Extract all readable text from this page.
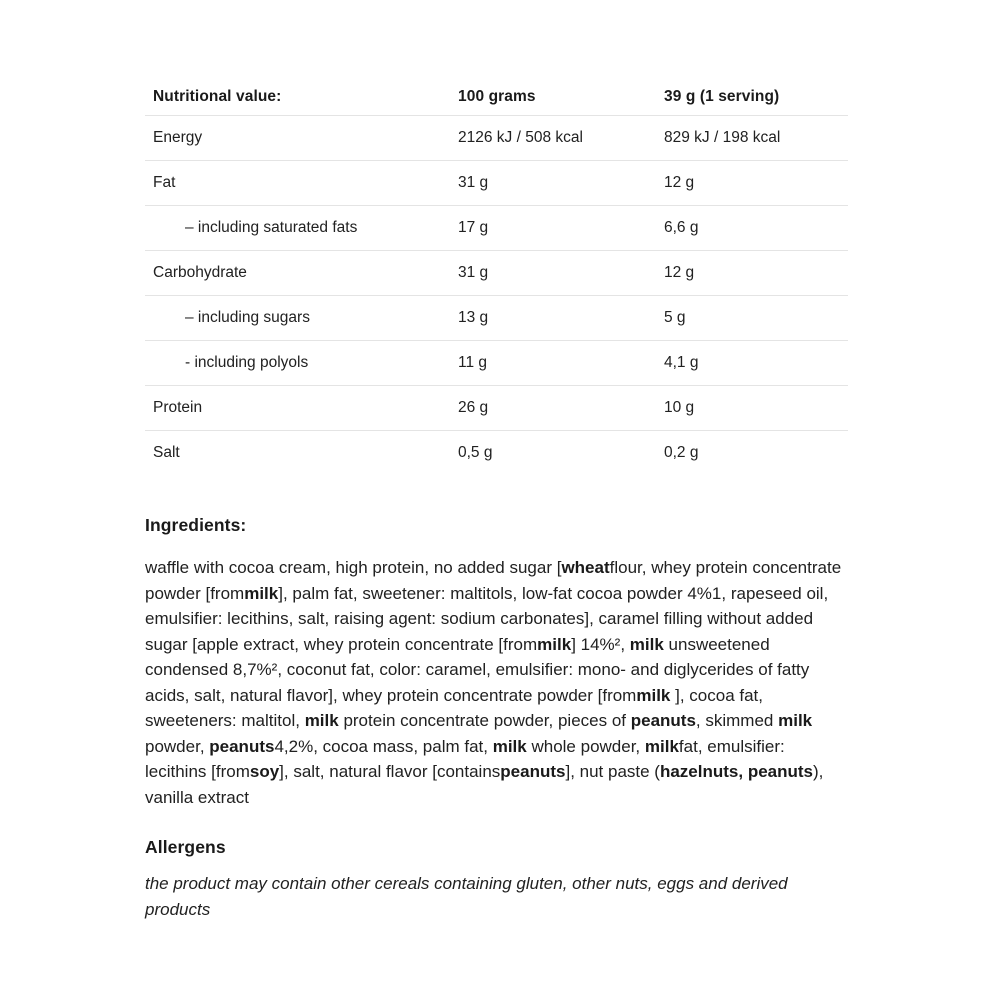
Nutritional value:	100 grams	39 g (1 serving)
Energy	2126 kJ / 508 kcal	829 kJ / 198 kcal
Fat	31 g	12 g
– including saturated fats	17 g	6,6 g
Carbohydrate	31 g	12 g
– including sugars	13 g	5 g
- including polyols	11 g	4,1 g
Protein	26 g	10 g
Salt	0,5 g	0,2 g
Ingredients:

waffle with cocoa cream, high protein, no added sugar [wheatflour, whey protein concentrate powder [frommilk], palm fat, sweetener: maltitols, low-fat cocoa powder 4%1, rapeseed oil, emulsifier: lecithins, salt, raising agent: sodium carbonates], caramel filling without added sugar [apple extract, whey protein concentrate [frommilk] 14%², milk unsweetened condensed 8,7%², coconut fat, color: caramel, emulsifier: mono- and diglycerides of fatty acids, salt, natural flavor], whey protein concentrate powder [frommilk ], cocoa fat, sweeteners: maltitol, milk protein concentrate powder, pieces of peanuts, skimmed milk powder, peanuts4,2%, cocoa mass, palm fat, milk whole powder, milkfat, emulsifier: lecithins [fromsoy], salt, natural flavor [containspeanuts], nut paste (hazelnuts, peanuts), vanilla extract

Allergens

the product may contain other cereals containing gluten, other nuts, eggs and derived products
